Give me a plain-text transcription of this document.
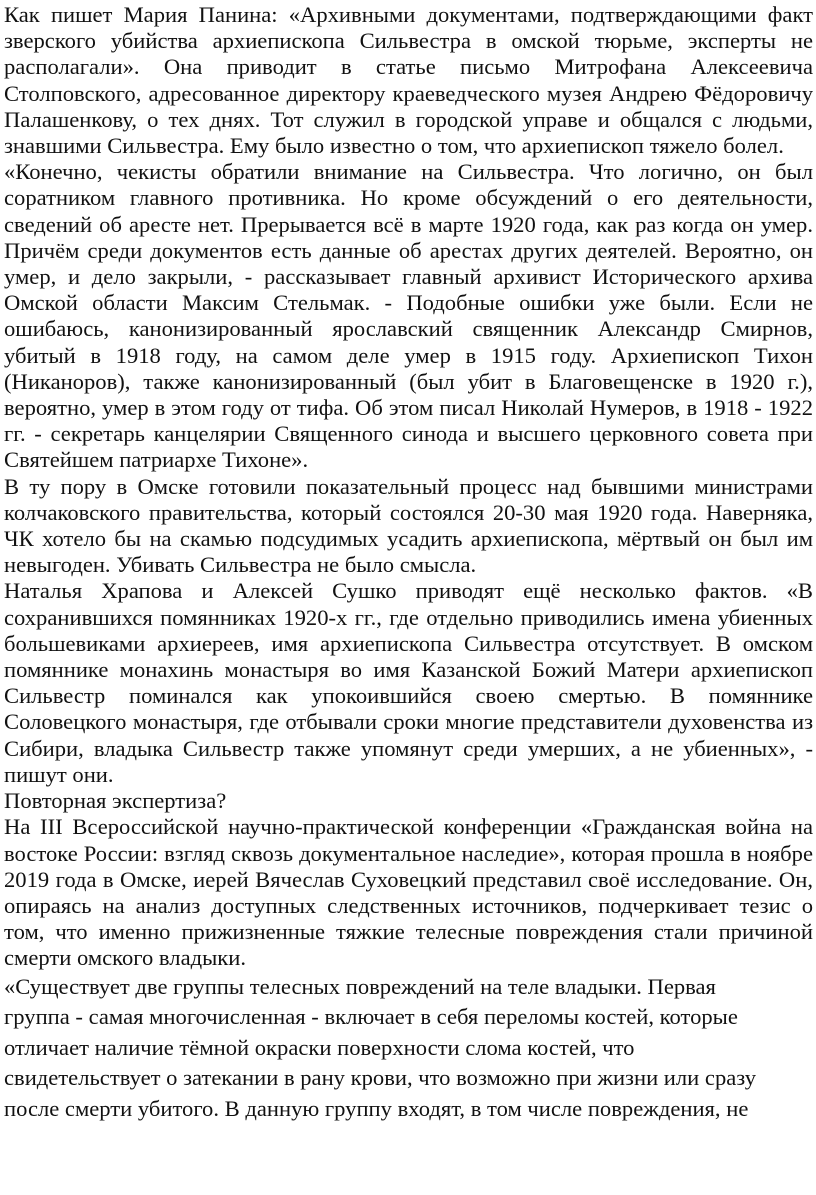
Как пишет Мария Панина: «Архивными документами, подтверждающими факт зверского убийства архиепископа Сильвестра в омской тюрьме, эксперты не располагали». Она приводит в статье письмо Митрофана Алексеевича Столповского, адресованное директору краеведческого музея Андрею Фёдоровичу Палашенкову, о тех днях. Тот служил в городской управе и общался с людьми, знавшими Сильвестра. Ему было известно о том, что архиепископ тяжело болел.

«Конечно, чекисты обратили внимание на Сильвестра. Что логично, он был соратником главного противника. Но кроме обсуждений о его деятельности, сведений об аресте нет. Прерывается всё в марте 1920 года, как раз когда он умер. Причём среди документов есть данные об арестах других деятелей. Вероятно, он умер, и дело закрыли, - рассказывает главный архивист Исторического архива Омской области Максим Стельмак. - Подобные ошибки уже были. Если не ошибаюсь, канонизированный ярославский священник Александр Смирнов, убитый в 1918 году, на самом деле умер в 1915 году. Архиепископ Тихон (Никаноров), также канонизированный (был убит в Благовещенске в 1920 г.), вероятно, умер в этом году от тифа. Об этом писал Николай Нумеров, в 1918 - 1922 гг. - секретарь канцелярии Священного синода и высшего церковного совета при Святейшем патриархе Тихоне».

В ту пору в Омске готовили показательный процесс над бывшими министрами колчаковского правительства, который состоялся 20-30 мая 1920 года. Наверняка, ЧК хотело бы на скамью подсудимых усадить архиепископа, мёртвый он был им невыгоден. Убивать Сильвестра не было смысла.

Наталья Храпова и Алексей Сушко приводят ещё несколько фактов. «В сохранившихся помянниках 1920-х гг., где отдельно приводились имена убиенных большевиками архиереев, имя архиепископа Сильвестра отсутствует. В омском помяннике монахинь монастыря во имя Казанской Божий Матери архиепископ Сильвестр поминался как упокоившийся своею смертью. В помяннике Соловецкого монастыря, где отбывали сроки многие представители духовенства из Сибири, владыка Сильвестр также упомянут среди умерших, а не убиенных», - пишут они.

Повторная экспертиза?

На III Всероссийской научно-практической конференции «Гражданская война на востоке России: взгляд сквозь документальное наследие», которая прошла в ноябре 2019 года в Омске, иерей Вячеслав Суховецкий представил своё исследование. Он, опираясь на анализ доступных следственных источников, подчеркивает тезис о том, что именно прижизненные тяжкие телесные повреждения стали причиной смерти омского владыки.

«Существует две группы телесных повреждений на теле владыки. Первая

группа - самая многочисленная - включает в себя переломы костей, которые

отличает наличие тёмной окраски поверхности слома костей, что

свидетельствует о затекании в рану крови, что возможно при жизни или сразу

после смерти убитого. В данную группу входят, в том числе повреждения, не
